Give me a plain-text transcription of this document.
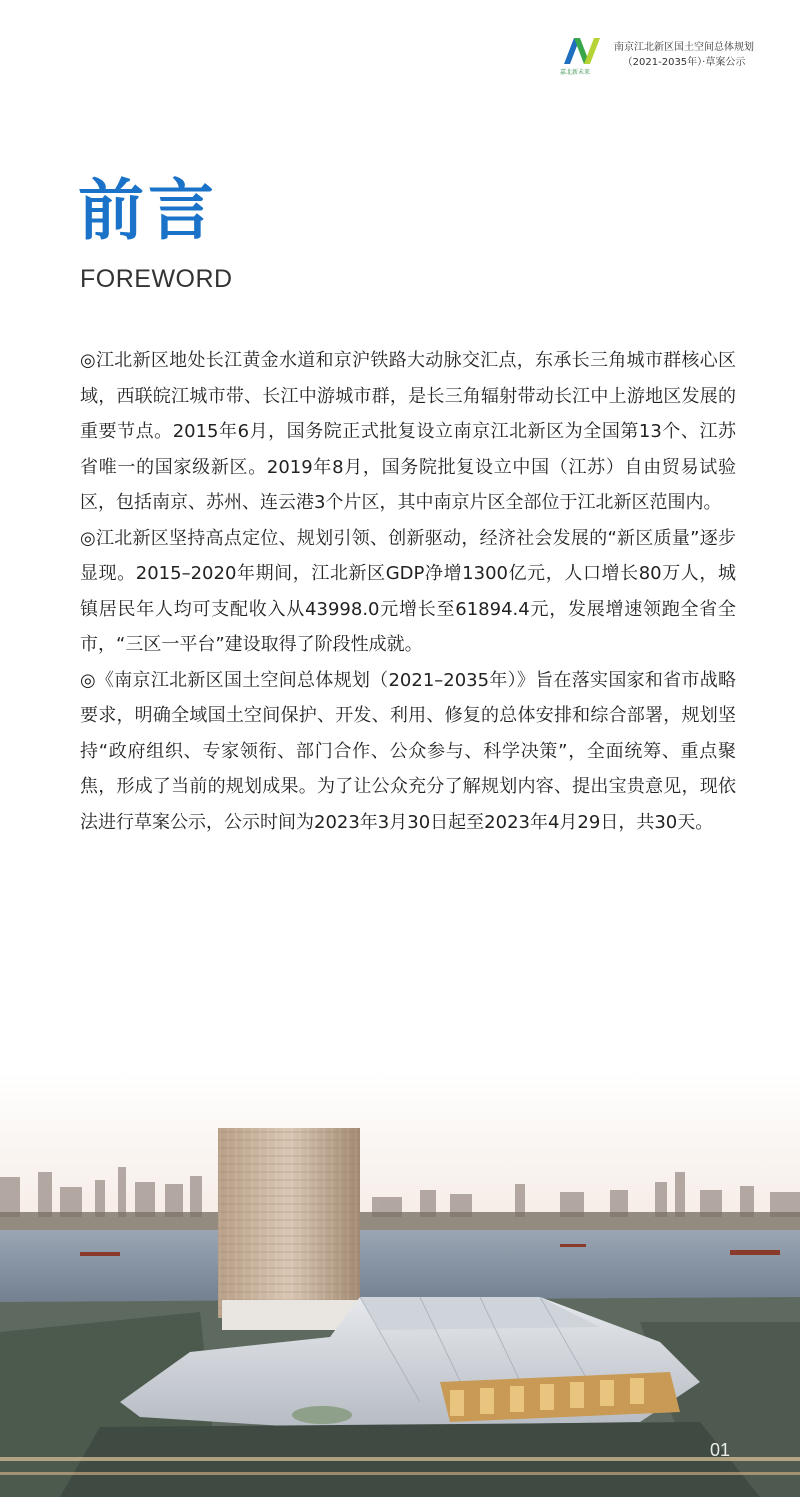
嘉北新未来
南京江北新区国土空间总体规划
（2021-2035年）·草案公示
前言
FOREWORD

◎江北新区地处长江黄金水道和京沪铁路大动脉交汇点，东承长三角城市群核心区域，西联皖江城市带、长江中游城市群，是长三角辐射带动长江中上游地区发展的重要节点。2015年6月，国务院正式批复设立南京江北新区为全国第13个、江苏省唯一的国家级新区。2019年8月，国务院批复设立中国（江苏）自由贸易试验区，包括南京、苏州、连云港3个片区，其中南京片区全部位于江北新区范围内。

◎江北新区坚持高点定位、规划引领、创新驱动，经济社会发展的“新区质量”逐步显现。2015–2020年期间，江北新区GDP净增1300亿元，人口增长80万人，城镇居民年人均可支配收入从43998.0元增长至61894.4元，发展增速领跑全省全市，“三区一平台”建设取得了阶段性成就。

◎《南京江北新区国土空间总体规划（2021–2035年）》旨在落实国家和省市战略要求，明确全域国土空间保护、开发、利用、修复的总体安排和综合部署，规划坚持“政府组织、专家领衔、部门合作、公众参与、科学决策”，全面统筹、重点聚焦，形成了当前的规划成果。为了让公众充分了解规划内容、提出宝贵意见，现依法进行草案公示，公示时间为2023年3月30日起至2023年4月29日，共30天。

01
